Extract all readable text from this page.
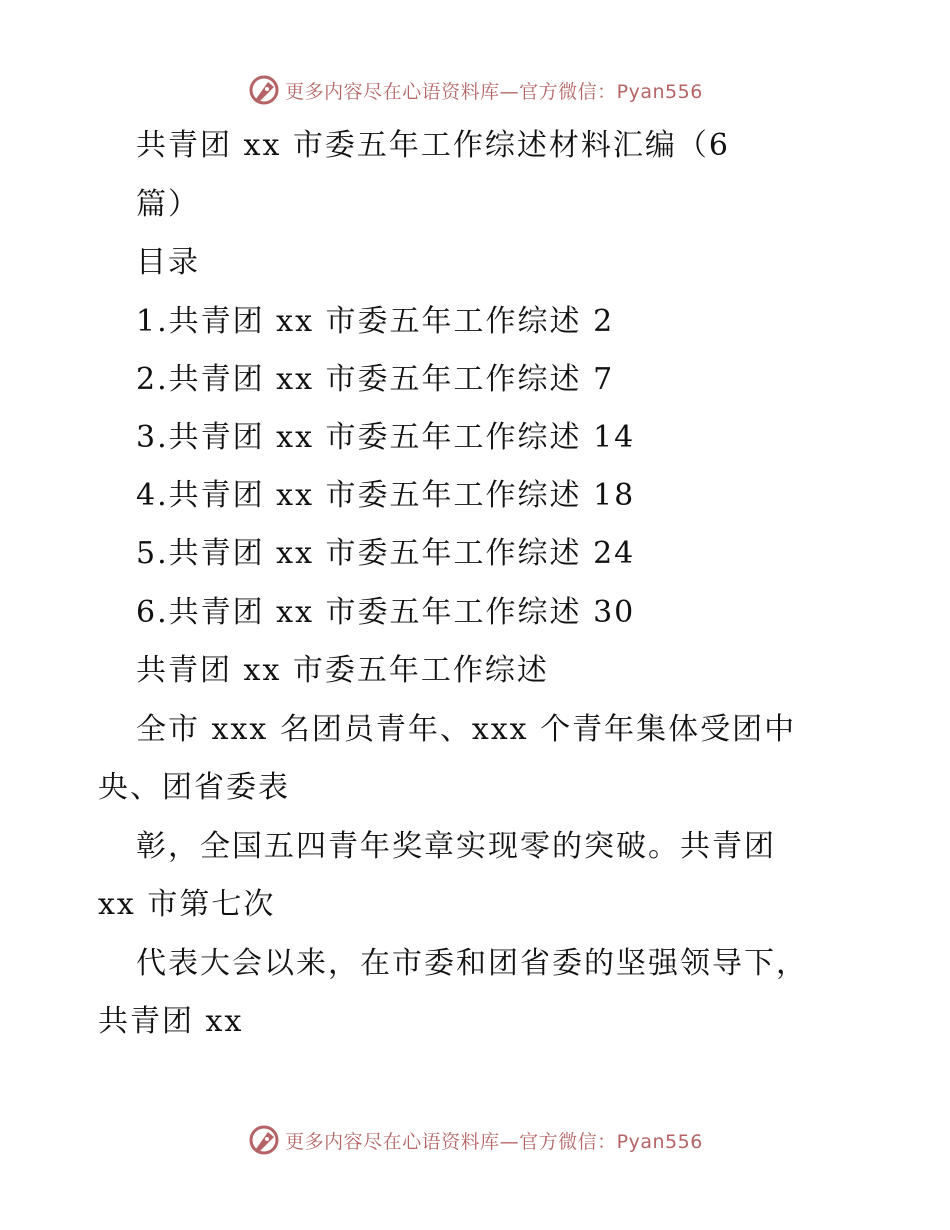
更多内容尽在心语资料库—官方微信：Pyan556
共青团 xx 市委五年工作综述材料汇编（6
篇）
目录
1.共青团 xx 市委五年工作综述 2
2.共青团 xx 市委五年工作综述 7
3.共青团 xx 市委五年工作综述 14
4.共青团 xx 市委五年工作综述 18
5.共青团 xx 市委五年工作综述 24
6.共青团 xx 市委五年工作综述 30
共青团 xx 市委五年工作综述
全市 xxx 名团员青年、xxx 个青年集体受团中
央、团省委表
彰，全国五四青年奖章实现零的突破。共青团
xx 市第七次
代表大会以来，在市委和团省委的坚强领导下，
共青团 xx
更多内容尽在心语资料库—官方微信：Pyan556
